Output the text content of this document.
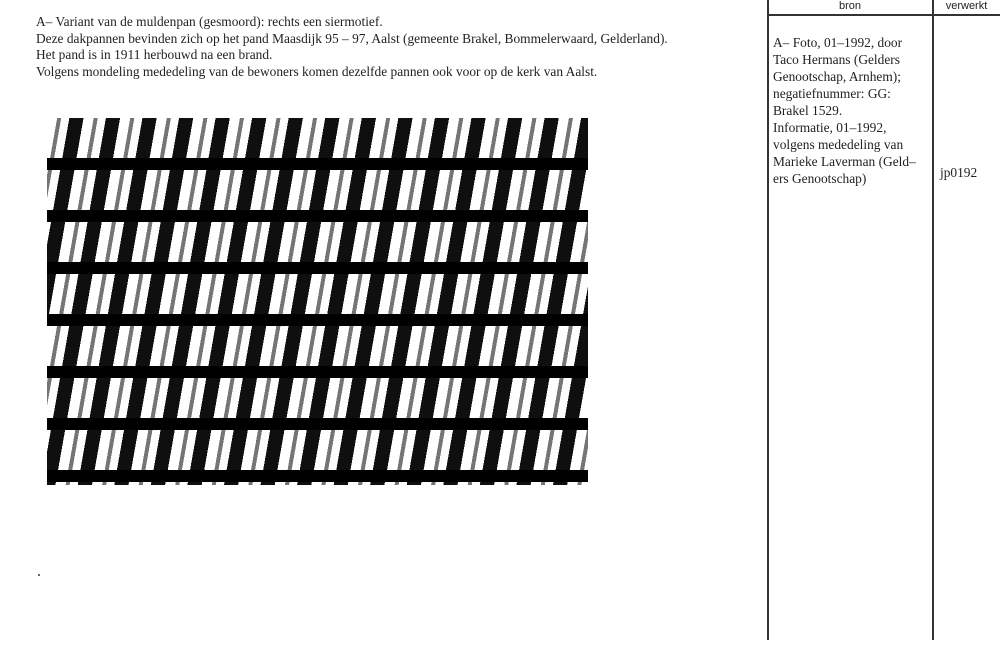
A– Variant van de muldenpan (gesmoord): rechts een siermotief.
Deze dakpannen bevinden zich op het pand Maasdijk 95 – 97, Aalst (gemeente Brakel, Bommelerwaard, Gelderland).
Het pand is in 1911 herbouwd na een brand.
Volgens mondeling mededeling van de bewoners komen dezelfde pannen ook voor op de kerk van Aalst.
bron	verwerkt
A– Foto, 01–1992, door
Taco Hermans (Gelders
Genootschap, Arnhem);
negatiefnummer: GG:
Brakel 1529.
Informatie, 01–1992,
volgens mededeling van
Marieke Laverman (Geld–
ers Genootschap)	jp0192
